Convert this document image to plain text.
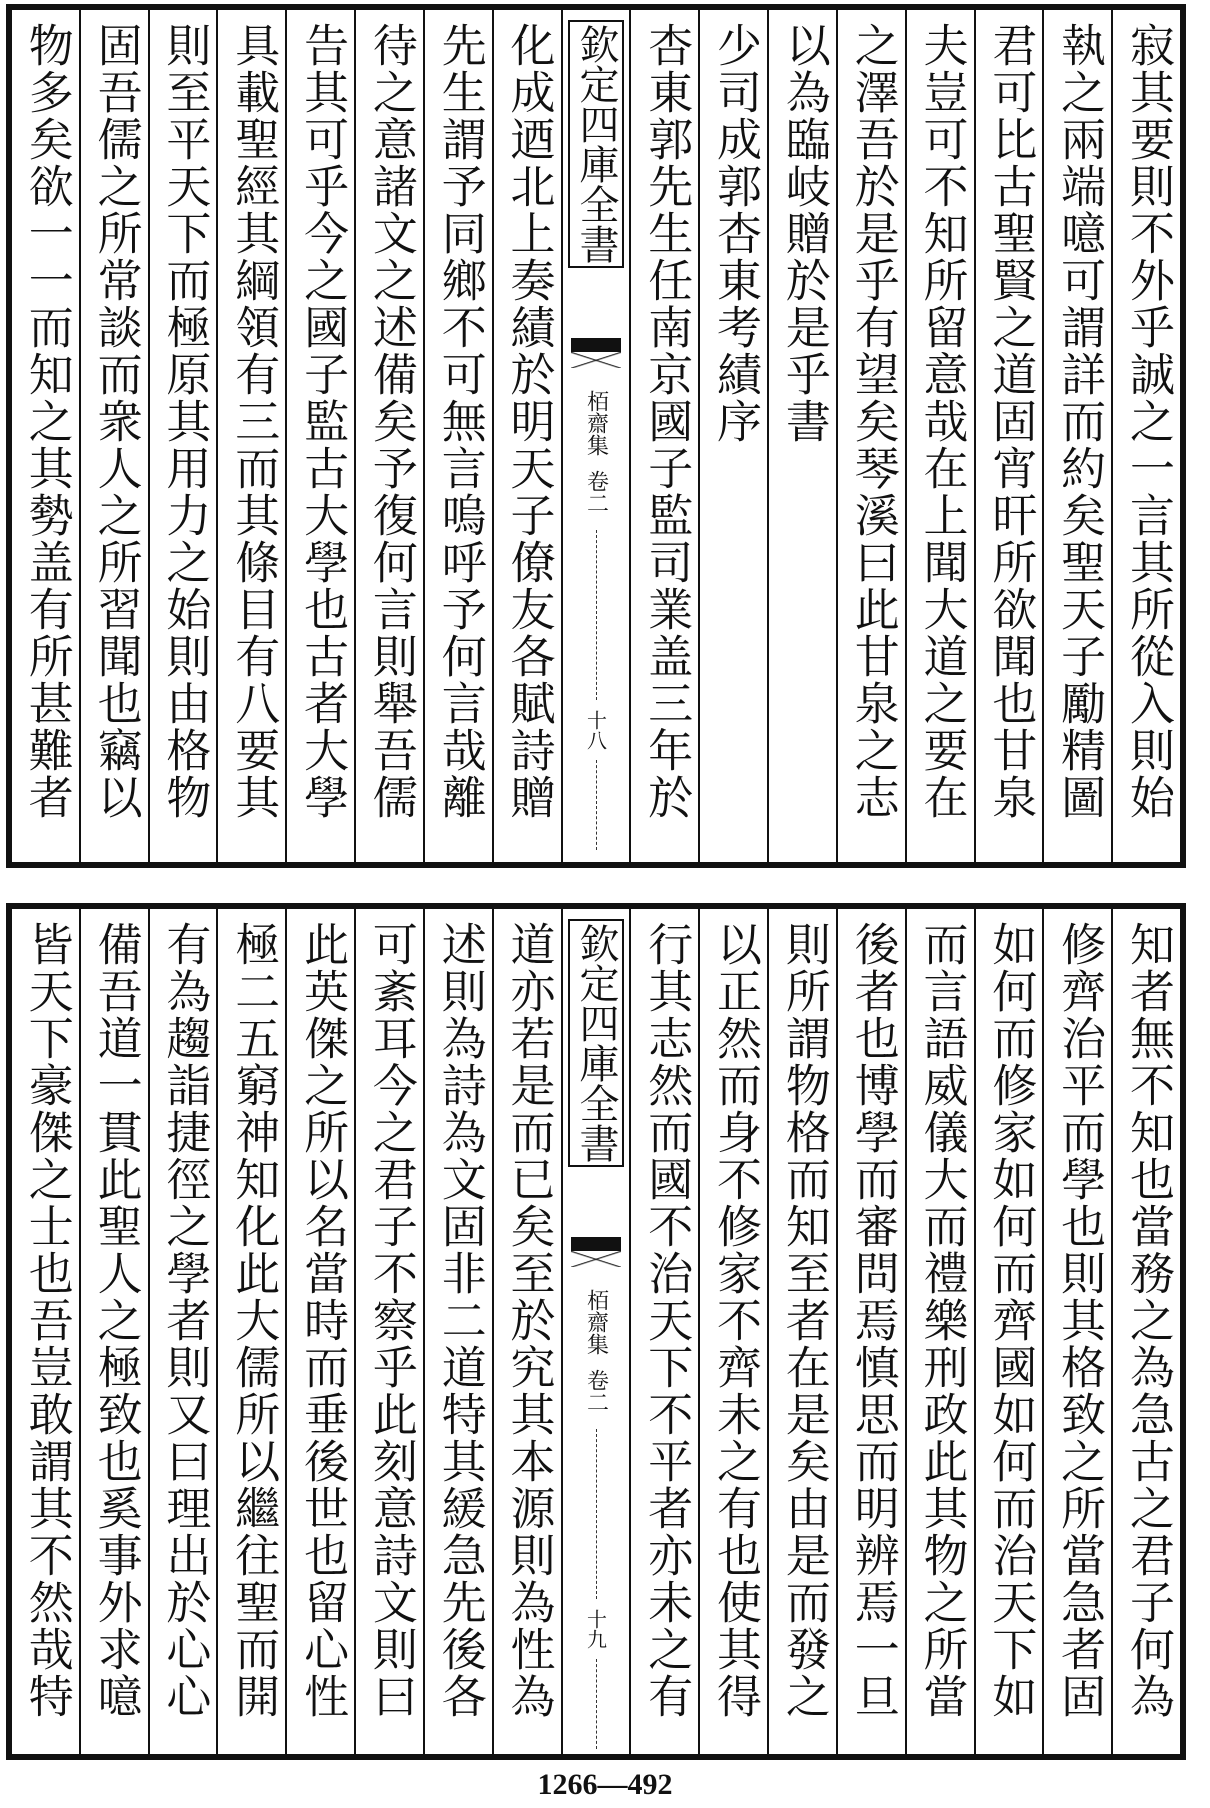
寂其要則不外乎誠之一言其所從入則始
執之兩端噫可謂詳而約矣聖天子勵精圖
君可比古聖賢之道固宵旰所欲聞也甘泉
夫豈可不知所留意哉在上聞大道之要在
之澤吾於是乎有望矣琴溪曰此甘泉之志
以為臨岐贈於是乎書
少司成郭杏東考績序
杏東郭先生任南京國子監司業盖三年於
欽定四庫全書
栢齋集
卷二
十八
化成迺北上奏績於明天子僚友各賦詩贈
先生謂予同鄉不可無言嗚呼予何言哉離
待之意諸文之述備矣予復何言則舉吾儒
告其可乎今之國子監古大學也古者大學
具載聖經其綱領有三而其條目有八要其
則至平天下而極原其用力之始則由格物
固吾儒之所常談而衆人之所習聞也竊以
物多矣欲一一而知之其勢盖有所甚難者
知者無不知也當務之為急古之君子何為
修齊治平而學也則其格致之所當急者固
如何而修家如何而齊國如何而治天下如
而言語威儀大而禮樂刑政此其物之所當
後者也博學而審問焉慎思而明辨焉一旦
則所謂物格而知至者在是矣由是而發之
以正然而身不修家不齊未之有也使其得
行其志然而國不治天下不平者亦未之有
欽定四庫全書
栢齋集
卷二
十九
道亦若是而已矣至於究其本源則為性為
述則為詩為文固非二道特其緩急先後各
可紊耳今之君子不察乎此刻意詩文則曰
此英傑之所以名當時而垂後世也留心性
極二五窮神知化此大儒所以繼往聖而開
有為趨詣捷徑之學者則又曰理出於心心
備吾道一貫此聖人之極致也奚事外求噫
皆天下豪傑之士也吾豈敢謂其不然哉特
1266—492
